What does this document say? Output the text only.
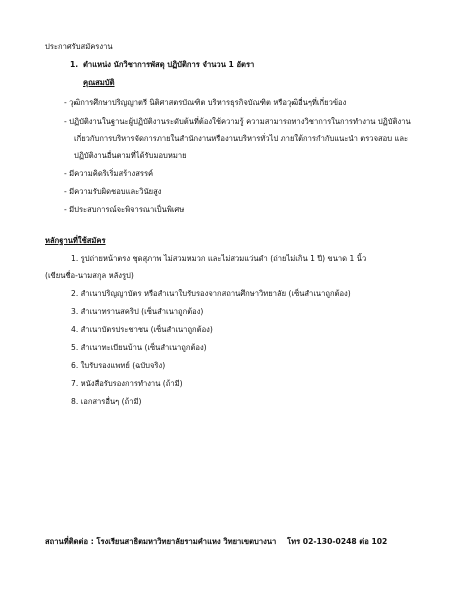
ประกาศรับสมัครงาน
1. ตำแหน่ง นักวิชาการพัสดุ ปฏิบัติการ จำนวน 1 อัตรา
คุณสมบัติ
- วุฒิการศึกษาปริญญาตรี นิติศาสตรบัณฑิต บริหารธุรกิจบัณฑิต หรือวุฒิอื่นๆที่เกี่ยวข้อง
- ปฏิบัติงานในฐานะผู้ปฏิบัติงานระดับต้นที่ต้องใช้ความรู้ ความสามารถทางวิชาการในการทำงาน ปฏิบัติงาน
เกี่ยวกับการบริหารจัดการภายในสำนักงานหรืองานบริหารทั่วไป ภายใต้การกำกับแนะนำ ตรวจสอบ และ
ปฏิบัติงานอื่นตามที่ได้รับมอบหมาย
- มีความคิดริเริ่มสร้างสรรค์
- มีความรับผิดชอบและวินัยสูง
- มีประสบการณ์จะพิจารณาเป็นพิเศษ
หลักฐานที่ใช้สมัคร
1. รูปถ่ายหน้าตรง ชุดสุภาพ ไม่สวมหมวก และไม่สวมแว่นดำ (ถ่ายไม่เกิน 1 ปี) ขนาด 1 นิ้ว
(เขียนชื่อ-นามสกุล หลังรูป)
2. สำเนาปริญญาบัตร หรือสำเนาใบรับรองจากสถานศึกษาวิทยาลัย (เซ็นสำเนาถูกต้อง)
3. สำเนาทรานสคริป (เซ็นสำเนาถูกต้อง)
4. สำเนาบัตรประชาชน (เซ็นสำเนาถูกต้อง)
5. สำเนาทะเบียนบ้าน (เซ็นสำเนาถูกต้อง)
6. ใบรับรองแพทย์ (ฉบับจริง)
7. หนังสือรับรองการทำงาน (ถ้ามี)
8. เอกสารอื่นๆ (ถ้ามี)
สถานที่ติดต่อ : โรงเรียนสาธิตมหาวิทยาลัยรามคำแหง วิทยาเขตบางนา โทร 02-130-0248 ต่อ 102
